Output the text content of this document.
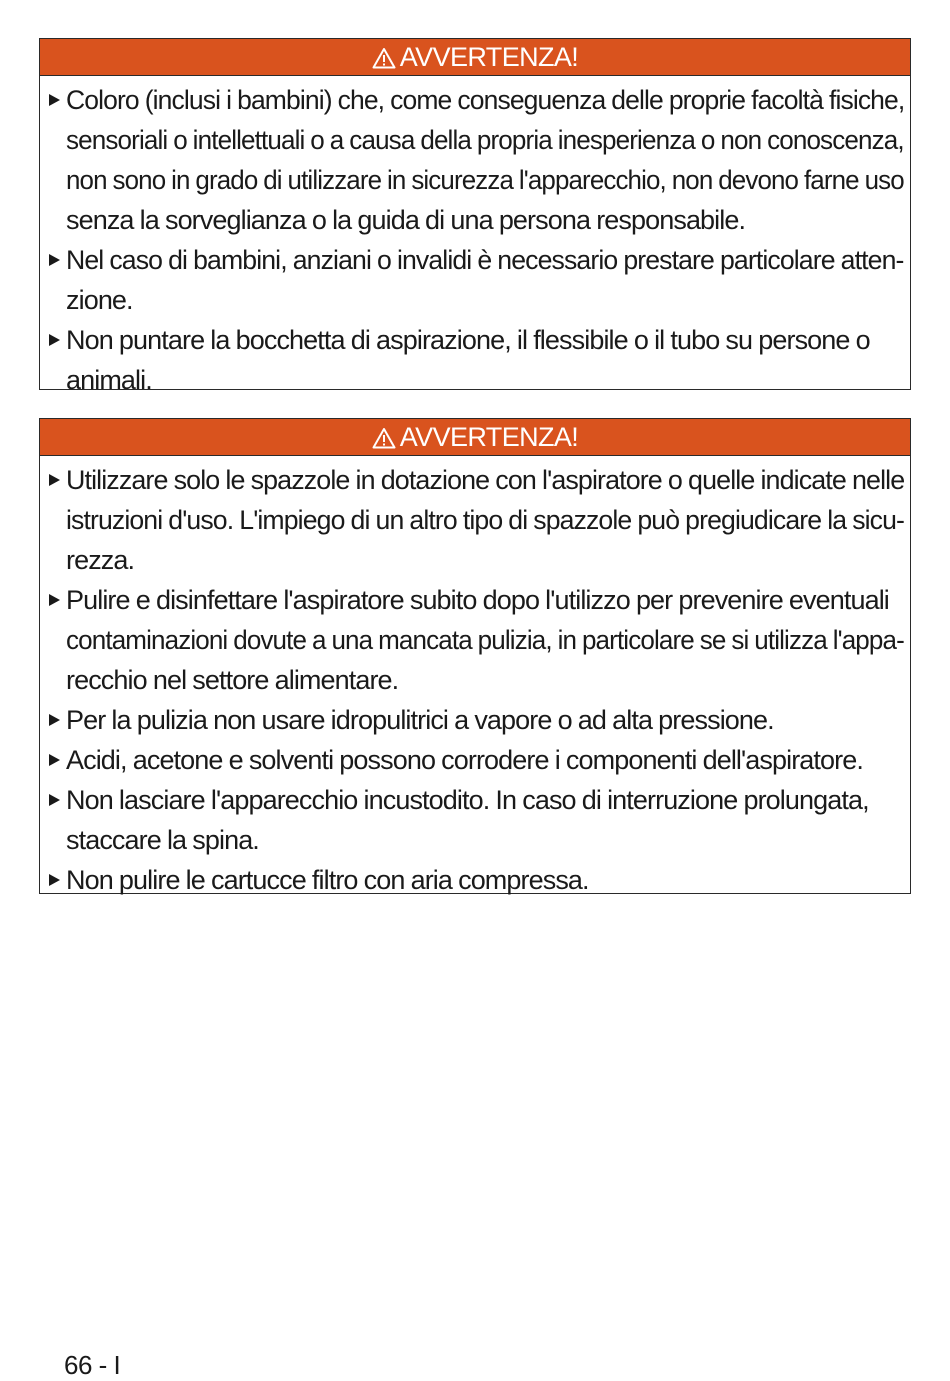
AVVERTENZA!
Coloro (inclusi i bambini) che, come conseguenza delle proprie facoltà fisiche,
sensoriali o intellettuali o a causa della propria inesperienza o non conoscenza,
non sono in grado di utilizzare in sicurezza l'apparecchio, non devono farne uso
senza la sorveglianza o la guida di una persona responsabile.
Nel caso di bambini, anziani o invalidi è necessario prestare particolare atten-
zione.
Non puntare la bocchetta di aspirazione, il flessibile o il tubo su persone o
animali.
AVVERTENZA!
Utilizzare solo le spazzole in dotazione con l'aspiratore o quelle indicate nelle
istruzioni d'uso. L'impiego di un altro tipo di spazzole può pregiudicare la sicu-
rezza.
Pulire e disinfettare l'aspiratore subito dopo l'utilizzo per prevenire eventuali
contaminazioni dovute a una mancata pulizia, in particolare se si utilizza l'appa-
recchio nel settore alimentare.
Per la pulizia non usare idropulitrici a vapore o ad alta pressione.
Acidi, acetone e solventi possono corrodere i componenti dell'aspiratore.
Non lasciare l'apparecchio incustodito. In caso di interruzione prolungata,
staccare la spina.
Non pulire le cartucce filtro con aria compressa.
66 - I
